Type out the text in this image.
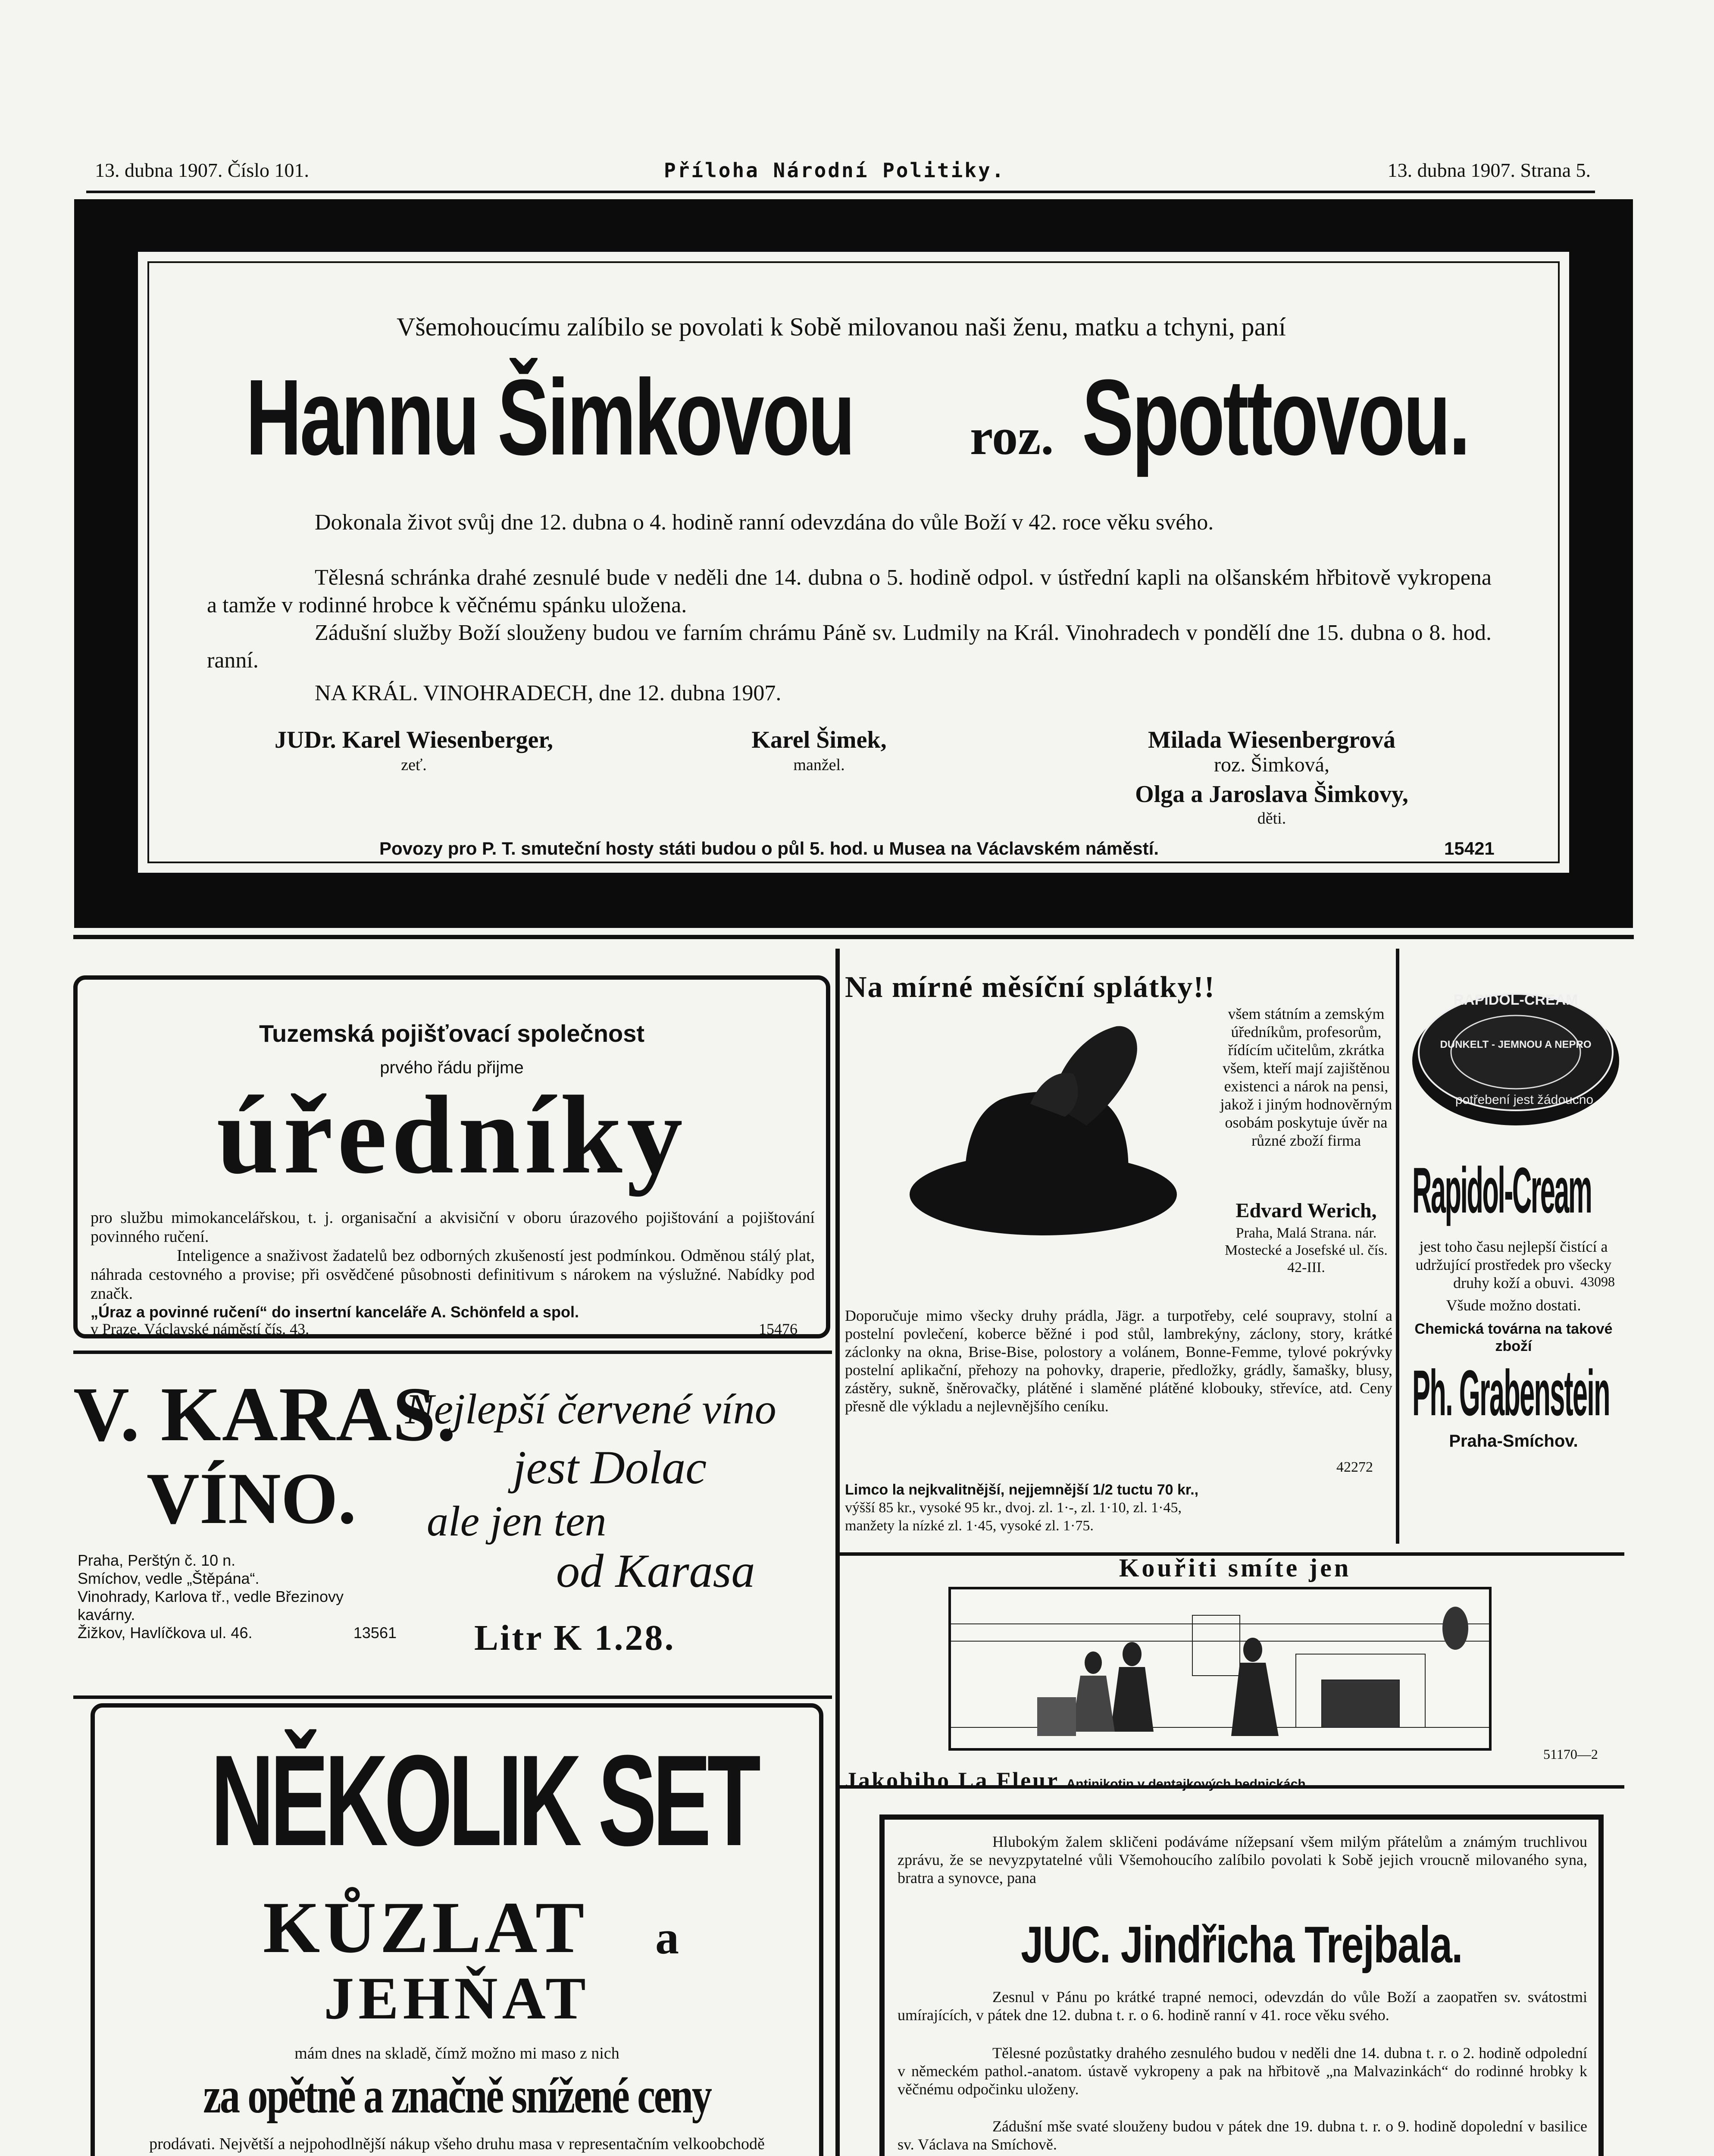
13. dubna 1907. Číslo 101.	Příloha Národní Politiky.	13. dubna 1907. Strana 5.
Všemohoucímu zalíbilo se povolati k Sobě milovanou naši ženu, matku a tchyni, paní
Hannu Šimkovou roz. Spottovou.
Dokonala život svůj dne 12. dubna o 4. hodině ranní odevzdána do vůle Boží v 42. roce věku svého.
Tělesná schránka drahé zesnulé bude v neděli dne 14. dubna o 5. hodině odpol. v ústřední kapli na olšanském hřbitově vykropena a tamže v rodinné hrobce k věčnému spánku uložena.
Zádušní služby Boží slouženy budou ve farním chrámu Páně sv. Ludmily na Král. Vinohradech v pondělí dne 15. dubna o 8. hod. ranní.
NA KRÁL. VINOHRADECH, dne 12. dubna 1907.
JUDr. Karel Wiesenberger,
zeť.
Karel Šimek,
manžel.
Milada Wiesenbergrová
roz. Šimková,
Olga a Jaroslava Šimkovy,
děti.
Povozy pro P. T. smuteční hosty státi budou o půl 5. hod. u Musea na Václavském náměstí.	15421
Tuzemská pojišťovací společnost
prvého řádu přijme
úředníky
pro službu mimokancelářskou, t. j. organisační a akvisiční v oboru úrazového pojištování a pojištování povinného ručení.
Inteligence a snaživost žadatelů bez odborných zkušeností jest podmínkou. Odměnou stálý plat, náhrada cestovného a provise; při osvědčené působnosti definitivum s nárokem na výslužné. Nabídky pod značk.
„Úraz a povinné ručení“ do insertní kanceláře A. Schönfeld a spol.
v Praze, Václavské náměstí čís. 43.	15476
V. KARAS.
VÍNO.
Nejlepší červené víno
jest Dolac
ale jen ten
od Karasa
Litr K 1.28.
Praha, Perštýn č. 10 n.
Smíchov, vedle „Štěpána“.
Vinohrady, Karlova tř., vedle Březinovy kavárny.
Žižkov, Havlíčkova ul. 46.	13561
NĚKOLIK SET
KŮZLAT a
JEHŇAT
mám dnes na skladě, čímž možno mi maso z nich
za opětně a značně snížené ceny
prodávati. Největší a nejpohodlnější nákup všeho druhu masa v representačním velkoobchodě
Na mírné měsíční splátky!!
všem státním a zemským úředníkům, profesorům, řídícím učitelům, zkrátka všem, kteří mají zajištěnou existenci a nárok na pensi, jakož i jiným hodnověrným osobám poskytuje úvěr na různé zboží firma
Edvard Werich,
Praha, Malá Strana. nár. Mostecké a Josefské ul. čís. 42-III.
Doporučuje mimo všecky druhy prádla, Jägr. a turpotřeby, celé soupravy, stolní a postelní povlečení, koberce běžné i pod stůl, lambrekýny, záclony, story, krátké záclonky na okna, Brise-Bise, polostory a volánem, Bonne-Femme, tylové pokrývky postelní aplikační, přehozy na pohovky, draperie, předložky, grádly, šamašky, blusy, zástěry, sukně, šněrovačky, plátěné i slaměné plátěné klobouky, střevíce, atd. Ceny přesně dle výkladu a nejlevnějšího ceníku.
42272
Limco la nejkvalitnější, nejjemnější 1/2 tuctu 70 kr.,
výšší 85 kr., vysoké 95 kr., dvoj. zl. 1·-, zl. 1·10, zl. 1·45,
manžety la nízké zl. 1·45, vysoké zl. 1·75.
RAPIDOL-CREAM
DUNKELT - JEMNOU A NEPRO
potřebení jest žádoucno
Rapidol-Cream
jest toho času nejlepší čistící a udržující prostředek pro všecky druhy koží a obuvi. 43098
Všude možno dostati.
Chemická továrna na takové zboží
Ph. Grabenstein
Praha-Smíchov.
Kouřiti smíte jen
51170—2
Jakobiho La Fleur Antinikotin v dentajkových bednickách
Hlubokým žalem skličeni podáváme nížepsaní všem milým přátelům a známým truchlivou zprávu, že se nevyzpytatelné vůli Všemohoucího zalíbilo povolati k Sobě jejich vroucně milovaného syna, bratra a synovce, pana
JUC. Jindřicha Trejbala.
Zesnul v Pánu po krátké trapné nemoci, odevzdán do vůle Boží a zaopatřen sv. svátostmi umírajících, v pátek dne 12. dubna t. r. o 6. hodině ranní v 41. roce věku svého.
Tělesné pozůstatky drahého zesnulého budou v neděli dne 14. dubna t. r. o 2. hodině odpolední v německém pathol.-anatom. ústavě vykropeny a pak na hřbitově „na Malvazinkách“ do rodinné hrobky k věčnému odpočinku uloženy.
Zádušní mše svaté slouženy budou v pátek dne 19. dubna t. r. o 9. hodině dopolední v basilice sv. Václava na Smíchově.
